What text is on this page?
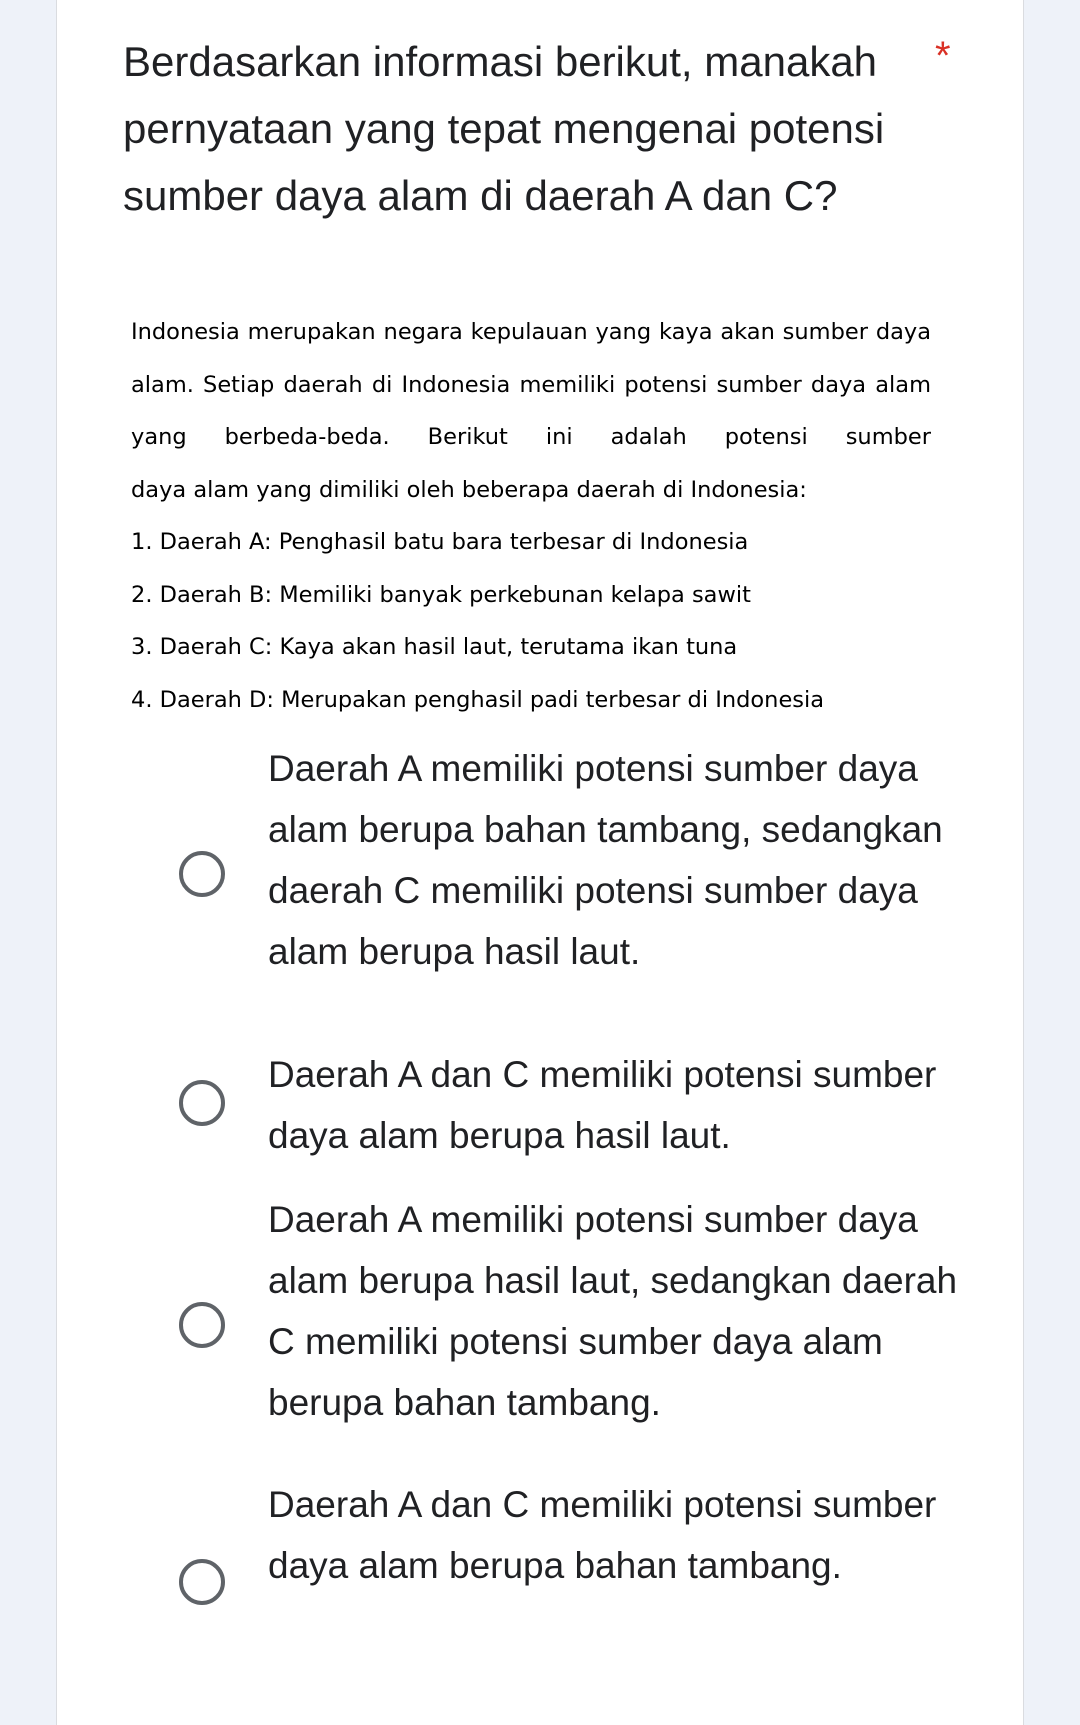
Berdasarkan informasi berikut, manakah pernyataan yang tepat mengenai potensi sumber daya alam di daerah A dan C?
*

Indonesia merupakan negara kepulauan yang kaya akan sumber daya alam. Setiap daerah di Indonesia memiliki potensi sumber daya alam yang berbeda-beda. Berikut ini adalah potensi sumber
daya alam yang dimiliki oleh beberapa daerah di Indonesia:

1. Daerah A: Penghasil batu bara terbesar di Indonesia
2. Daerah B: Memiliki banyak perkebunan kelapa sawit
3. Daerah C: Kaya akan hasil laut, terutama ikan tuna
4. Daerah D: Merupakan penghasil padi terbesar di Indonesia
Daerah A memiliki potensi sumber daya alam berupa bahan tambang, sedangkan daerah C memiliki potensi sumber daya alam berupa hasil laut.
Daerah A dan C memiliki potensi sumber daya alam berupa hasil laut.
Daerah A memiliki potensi sumber daya alam berupa hasil laut, sedangkan daerah C memiliki potensi sumber daya alam berupa bahan tambang.
Daerah A dan C memiliki potensi sumber daya alam berupa bahan tambang.
